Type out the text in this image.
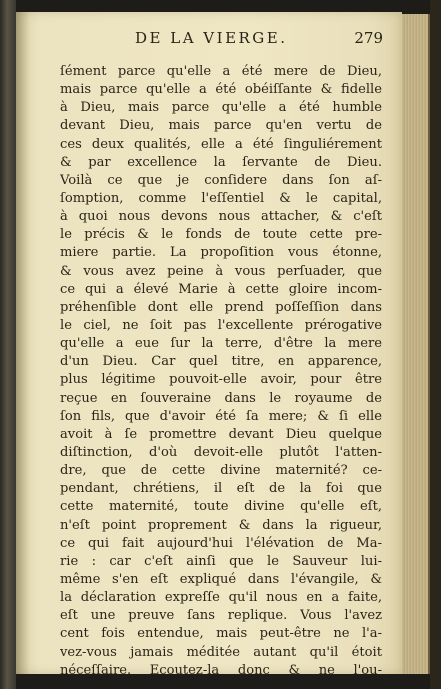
DE LA VIERGE.	279
ſément parce qu'elle a été mere de Dieu,
mais parce qu'elle a été obéiſſante & fidelle
à Dieu, mais parce qu'elle a été humble
devant Dieu, mais parce qu'en vertu de
ces deux qualités, elle a été ſinguliérement
& par excellence la ſervante de Dieu.
Voilà ce que je conſidere dans ſon aſ-
ſomption, comme l'eſſentiel & le capital,
à quoi nous devons nous attacher, & c'eſt
le précis & le fonds de toute cette pre-
miere partie. La propoſition vous étonne,
& vous avez peine à vous perſuader, que
ce qui a élevé Marie à cette gloire incom-
préhenſible dont elle prend poſſeſſion dans
le ciel, ne ſoit pas l'excellente prérogative
qu'elle a eue ſur la terre, d'être la mere
d'un Dieu. Car quel titre, en apparence,
plus légitime pouvoit-elle avoir, pour être
reçue en ſouveraine dans le royaume de
ſon fils, que d'avoir été ſa mere; & ſi elle
avoit à ſe promettre devant Dieu quelque
diſtinction, d'où devoit-elle plutôt l'atten-
dre, que de cette divine maternité? ce-
pendant, chrétiens, il eſt de la foi que
cette maternité, toute divine qu'elle eſt,
n'eſt point proprement & dans la rigueur,
ce qui fait aujourd'hui l'élévation de Ma-
rie : car c'eſt ainſi que le Sauveur lui-
même s'en eſt expliqué dans l'évangile, &
la déclaration expreſſe qu'il nous en a faite,
eſt une preuve ſans replique. Vous l'avez
cent fois entendue, mais peut-être ne l'a-
vez-vous jamais méditée autant qu'il étoit
néceſſaire. Ecoutez-la donc & ne l'ou-
